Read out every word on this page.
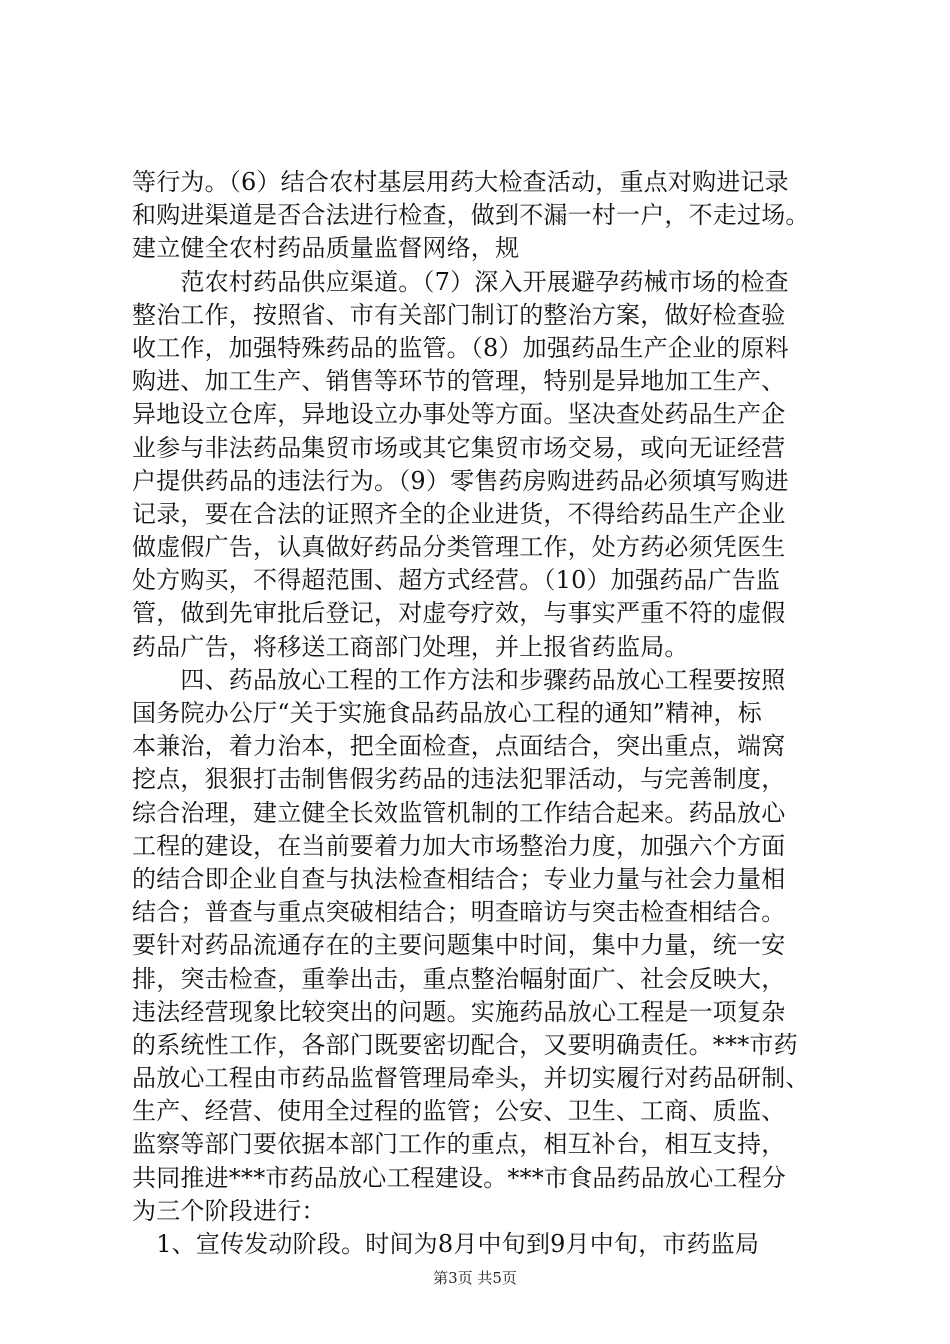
等行为。（6）结合农村基层用药大检查活动，重点对购进记录
和购进渠道是否合法进行检查，做到不漏一村一户，不走过场。
建立健全农村药品质量监督网络，规
　　范农村药品供应渠道。（7）深入开展避孕药械市场的检查
整治工作，按照省、市有关部门制订的整治方案，做好检查验
收工作，加强特殊药品的监管。（8）加强药品生产企业的原料
购进、加工生产、销售等环节的管理，特别是异地加工生产、
异地设立仓库，异地设立办事处等方面。坚决查处药品生产企
业参与非法药品集贸市场或其它集贸市场交易，或向无证经营
户提供药品的违法行为。（9）零售药房购进药品必须填写购进
记录，要在合法的证照齐全的企业进货，不得给药品生产企业
做虚假广告，认真做好药品分类管理工作，处方药必须凭医生
处方购买，不得超范围、超方式经营。（10）加强药品广告监
管，做到先审批后登记，对虚夸疗效，与事实严重不符的虚假
药品广告，将移送工商部门处理，并上报省药监局。
　　四、药品放心工程的工作方法和步骤药品放心工程要按照
国务院办公厅“关于实施食品药品放心工程的通知”精神，标
本兼治，着力治本，把全面检查，点面结合，突出重点，端窝
挖点，狠狠打击制售假劣药品的违法犯罪活动，与完善制度，
综合治理，建立健全长效监管机制的工作结合起来。药品放心
工程的建设，在当前要着力加大市场整治力度，加强六个方面
的结合即企业自查与执法检查相结合；专业力量与社会力量相
结合；普查与重点突破相结合；明查暗访与突击检查相结合。
要针对药品流通存在的主要问题集中时间，集中力量，统一安
排，突击检查，重拳出击，重点整治幅射面广、社会反映大，
违法经营现象比较突出的问题。实施药品放心工程是一项复杂
的系统性工作，各部门既要密切配合，又要明确责任。***市药
品放心工程由市药品监督管理局牵头，并切实履行对药品研制、
生产、经营、使用全过程的监管；公安、卫生、工商、质监、
监察等部门要依据本部门工作的重点，相互补台，相互支持，
共同推进***市药品放心工程建设。***市食品药品放心工程分
为三个阶段进行：
　1、宣传发动阶段。时间为8月中旬到9月中旬，市药监局
第3页 共5页
